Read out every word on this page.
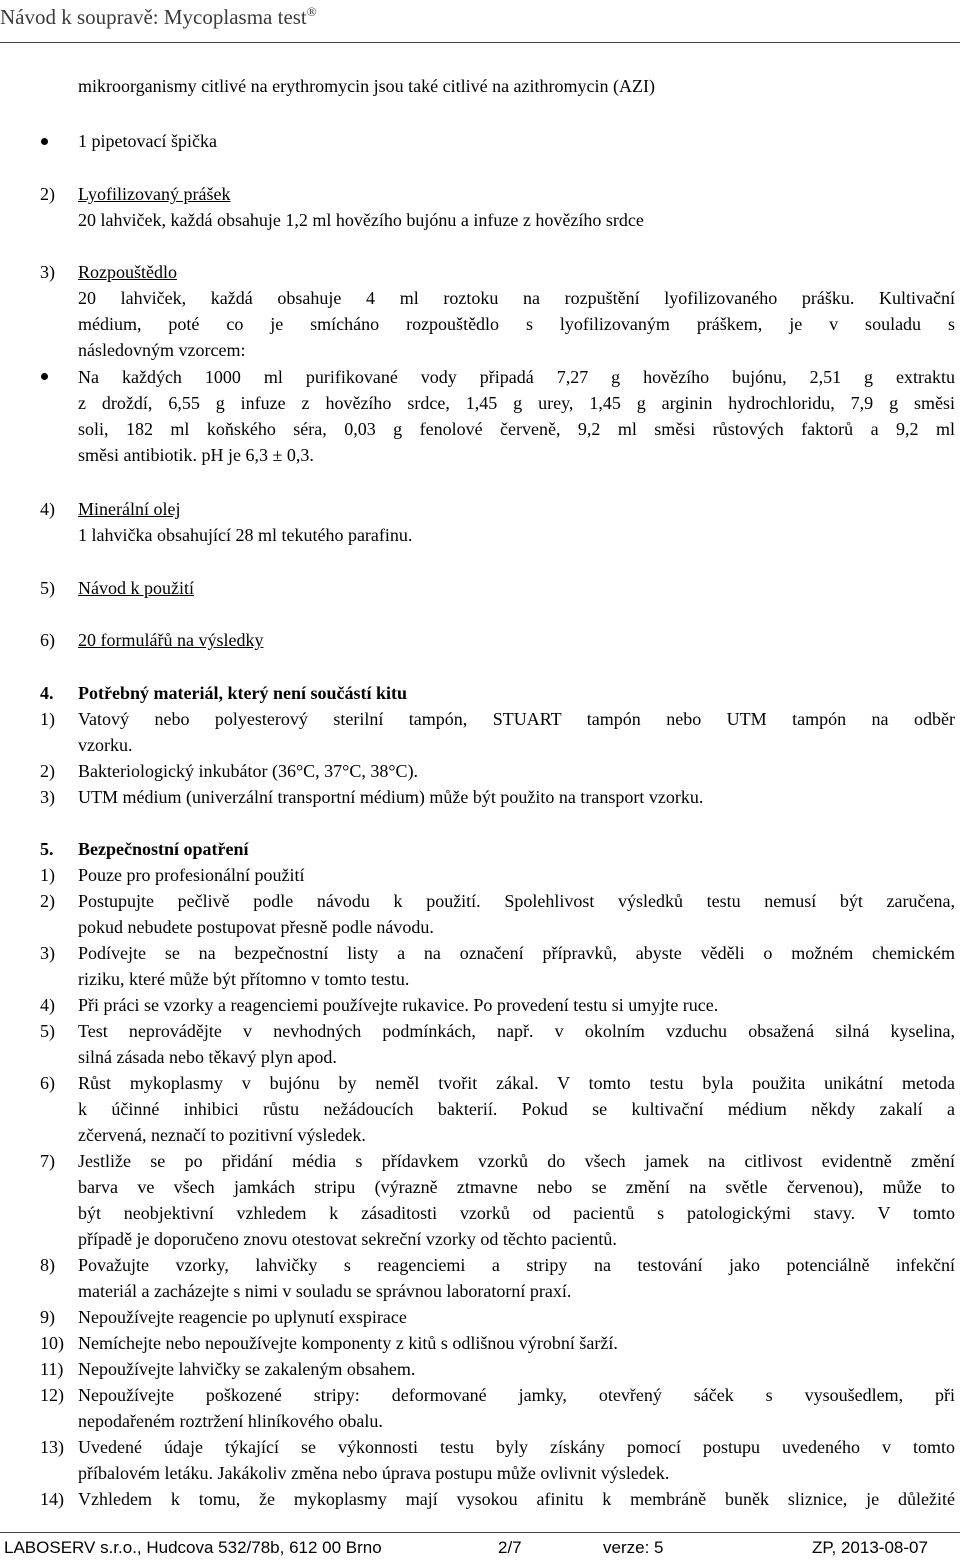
Návod k soupravě: Mycoplasma test®
mikroorganismy citlivé na erythromycin jsou také citlivé na azithromycin (AZI)
1 pipetovací špička
2) Lyofilizovaný prášek
20 lahviček, každá obsahuje 1,2 ml hovězího bujónu a infuze z hovězího srdce
3) Rozpouštědlo
20 lahviček, každá obsahuje 4 ml roztoku na rozpuštění lyofilizovaného prášku. Kultivační
médium, poté co je smícháno rozpouštědlo s lyofilizovaným práškem, je v souladu s
následovným vzorcem:
Na každých 1000 ml purifikované vody připadá 7,27 g hovězího bujónu, 2,51 g extraktu
z droždí, 6,55 g infuze z hovězího srdce, 1,45 g urey, 1,45 g arginin hydrochloridu, 7,9 g směsi
soli, 182 ml koňského séra, 0,03 g fenolové červeně, 9,2 ml směsi růstových faktorů a 9,2 ml
směsi antibiotik. pH je 6,3 ± 0,3.
4) Minerální olej
1 lahvička obsahující 28 ml tekutého parafinu.
5) Návod k použití
6) 20 formulářů na výsledky
4. Potřebný materiál, který není součástí kitu
1) Vatový nebo polyesterový sterilní tampón, STUART tampón nebo UTM tampón na odběr
vzorku.
2) Bakteriologický inkubátor (36°C, 37°C, 38°C).
3) UTM médium (univerzální transportní médium) může být použito na transport vzorku.
5. Bezpečnostní opatření
1) Pouze pro profesionální použití
2) Postupujte pečlivě podle návodu k použití. Spolehlivost výsledků testu nemusí být zaručena,
pokud nebudete postupovat přesně podle návodu.
3) Podívejte se na bezpečnostní listy a na označení přípravků, abyste věděli o možném chemickém
riziku, které může být přítomno v tomto testu.
4) Při práci se vzorky a reagenciemi používejte rukavice. Po provedení testu si umyjte ruce.
5) Test neprovádějte v nevhodných podmínkách, např. v okolním vzduchu obsažená silná kyselina,
silná zásada nebo těkavý plyn apod.
6) Růst mykoplasmy v bujónu by neměl tvořit zákal. V tomto testu byla použita unikátní metoda
k účinné inhibici růstu nežádoucích bakterií. Pokud se kultivační médium někdy zakalí a
zčervená, neznačí to pozitivní výsledek.
7) Jestliže se po přidání média s přídavkem vzorků do všech jamek na citlivost evidentně změní
barva ve všech jamkách stripu (výrazně ztmavne nebo se změní na světle červenou), může to
být neobjektivní vzhledem k zásaditosti vzorků od pacientů s patologickými stavy. V tomto
případě je doporučeno znovu otestovat sekreční vzorky od těchto pacientů.
8) Považujte vzorky, lahvičky s reagenciemi a stripy na testování jako potenciálně infekční
materiál a zacházejte s nimi v souladu se správnou laboratorní praxí.
9) Nepoužívejte reagencie po uplynutí exspirace
10) Nemíchejte nebo nepoužívejte komponenty z kitů s odlišnou výrobní šarží.
11) Nepoužívejte lahvičky se zakaleným obsahem.
12) Nepoužívejte poškozené stripy: deformované jamky, otevřený sáček s vysoušedlem, při
nepodařeném roztržení hliníkového obalu.
13) Uvedené údaje týkající se výkonnosti testu byly získány pomocí postupu uvedeného v tomto
příbalovém letáku. Jakákoliv změna nebo úprava postupu může ovlivnit výsledek.
14) Vzhledem k tomu, že mykoplasmy mají vysokou afinitu k membráně buněk sliznice, je důležité
LABOSERV s.r.o., Hudcova 532/78b, 612 00 Brno	2/7	verze: 5	ZP, 2013-08-07
